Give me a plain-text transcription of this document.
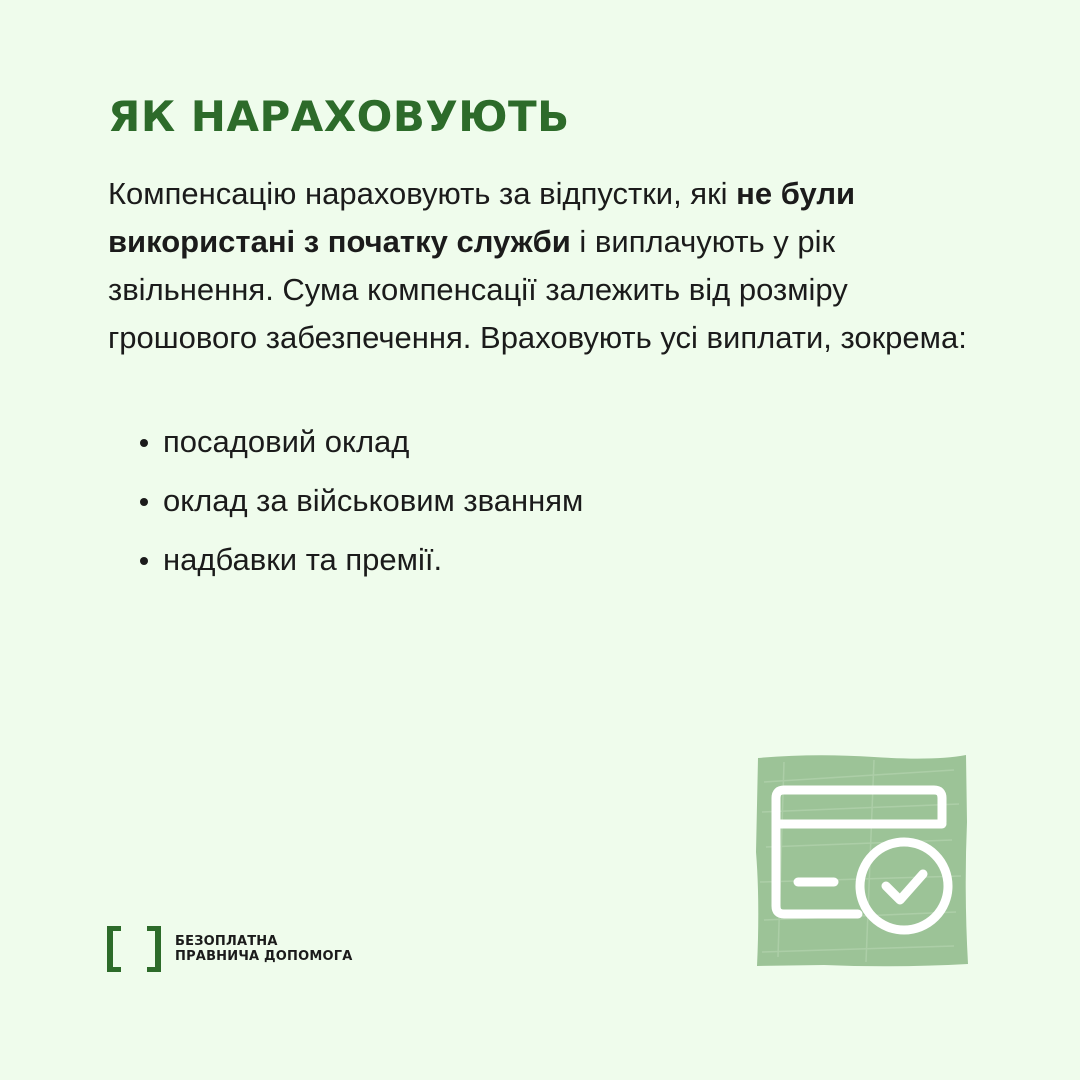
ЯК НАРАХОВУЮТЬ

Компенсацію нараховують за відпустки, які не були використані з початку служби і виплачують у рік звільнення. Сума компенсації залежить від розміру грошового забезпечення. Враховують усі виплати, зокрема:

посадовий оклад
оклад за військовим званням
надбавки та премії.
БЕЗОПЛАТНА
ПРАВНИЧА ДОПОМОГА
